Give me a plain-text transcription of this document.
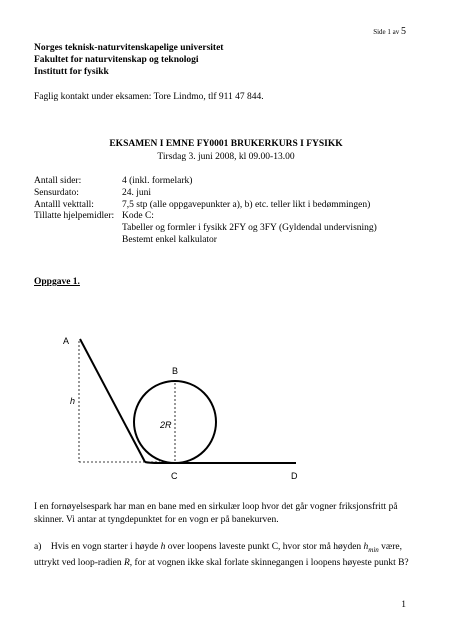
Side 1 av 5
Norges teknisk-naturvitenskapelige universitet
Fakultet for naturvitenskap og teknologi
Institutt for fysikk
Faglig kontakt under eksamen: Tore Lindmo, tlf 911 47 844.
EKSAMEN I EMNE FY0001 BRUKERKURS I FYSIKK
Tirsdag 3. juni 2008, kl 09.00-13.00
Antall sider:	4 (inkl. formelark)
Sensurdato:	24. juni
Antalll vekttall:	7,5 stp (alle oppgavepunkter a), b) etc. teller likt i bedømmingen)
Tillatte hjelpemidler: Kode C:
Tabeller og formler i fysikk 2FY og 3FY (Gyldendal undervisning)
Bestemt enkel kalkulator
Oppgave 1.
A
B
C	D
h
2R
I en fornøyelsespark har man en bane med en sirkulær loop hvor det går vogner friksjonsfritt på skinner. Vi antar at tyngdepunktet for en vogn er på banekurven.
a)    Hvis en vogn starter i høyde h over loopens laveste punkt C, hvor stor må høyden $h_{min}$ være, uttrykt ved loop-radien R, for at vognen ikke skal forlate skinnegangen i loopens høyeste punkt B?
1
